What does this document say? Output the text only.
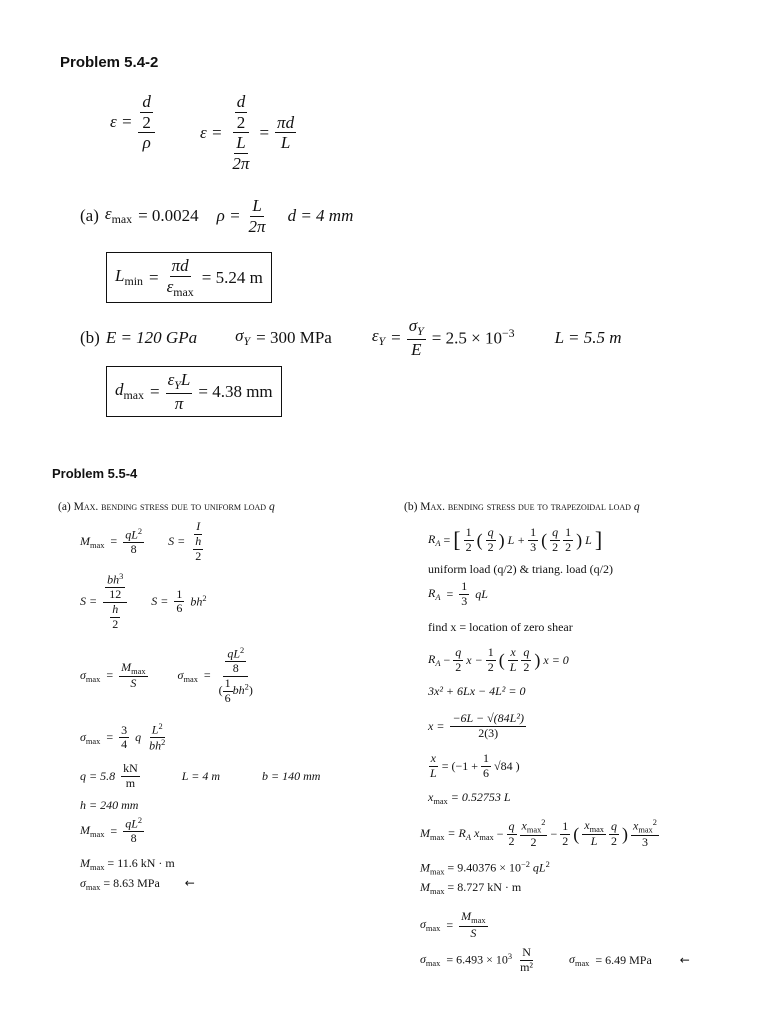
Problem 5.4-2
$\varepsilon = \frac{\frac{d}{2}}{\rho}$	$\varepsilon = \frac{\frac{d}{2}}{\frac{L}{2\pi}} = \frac{\pi d}{L}$
(a) $\varepsilon_{max} = 0.0024$ $\rho = \frac{L}{2\pi}$ d = 4 mm
$L_{min} = \frac{\pi d}{\varepsilon_{max}} = 5.24$ m
(b) E = 120 GPa $\sigma_Y = 300$ MPa $\varepsilon_Y = \frac{\sigma_Y}{E} = 2.5 \times 10^{-3}$ L = 5.5 m
$d_{max} = \frac{\varepsilon_YL}{\pi} = 4.38$ mm
Problem 5.5-4
(a) Max. bending stress due to uniform load q
$M_{max} = \frac{qL^2}{8}$ $S = \frac{I}{\frac{h}{2}}$
$S = \frac{\frac{bh^3}{12}}{\frac{h}{2}}$ $S = \frac{1}{6} bh^2$
$\sigma_{max} = \frac{M_{max}}{S}$	$\sigma_{max} = \frac{\frac{qL^2}{8}}{( \frac{1}{6} bh^2)}$
$\sigma_{max} = \frac{3}{4}$ q $\frac{L^2}{bh^2}$
$q = 5.8 \frac{kN}{m}$	L = 4 m	b = 140 mm
h = 240 mm
$M_{max} = \frac{qL^2}{8}$
$M_{max} = 11.6$ kN · m
$\sigma_{max} = 8.63$ MPa ←
(b) Max. bending stress due to trapezoidal load q
$R_A$ = [ $\frac{1}{2}$ ( $\frac{q}{2}$ ) $L + \frac{1}{3}$ ( $\frac{q}{2} \frac{1}{2}$ ) L ]
uniform load (q/2) & triang. load (q/2)
$R_A = \frac{1}{3}$ qL
find x = location of zero shear
$R_A - \frac{q}{2}$ $x - \frac{1}{2}$ ( $\frac{x}{L} \frac{q}{2}$ ) x = 0
3x² + 6Lx − 4L² = 0
$x = \frac{\text{−6L − √(84L²)}}{2(3)}$
$\frac{x}{L} = (-1 + \frac{1}{6} √84$ )
$x_{max} = 0.52753$ L
$M_{max} = R_A$ $x_{max} - \frac{q}{2} \frac{x_{max}^2}{2} - \frac{1}{2}$ ( $\frac{x_{max}}{L} \frac{q}{2}$ ) $\frac{x_{max}^2}{3}$
$M_{max} = 9.40376 \times 10^{-2}$ $qL^2$
$M_{max} = 8.727$ kN · m
$\sigma_{max} = \frac{M_{max}}{S}$
$\sigma_{max} = 6.493 \times 10^3 \frac{N}{\text{m²}}$	$\sigma_{max} = 6.49$ MPa ←
